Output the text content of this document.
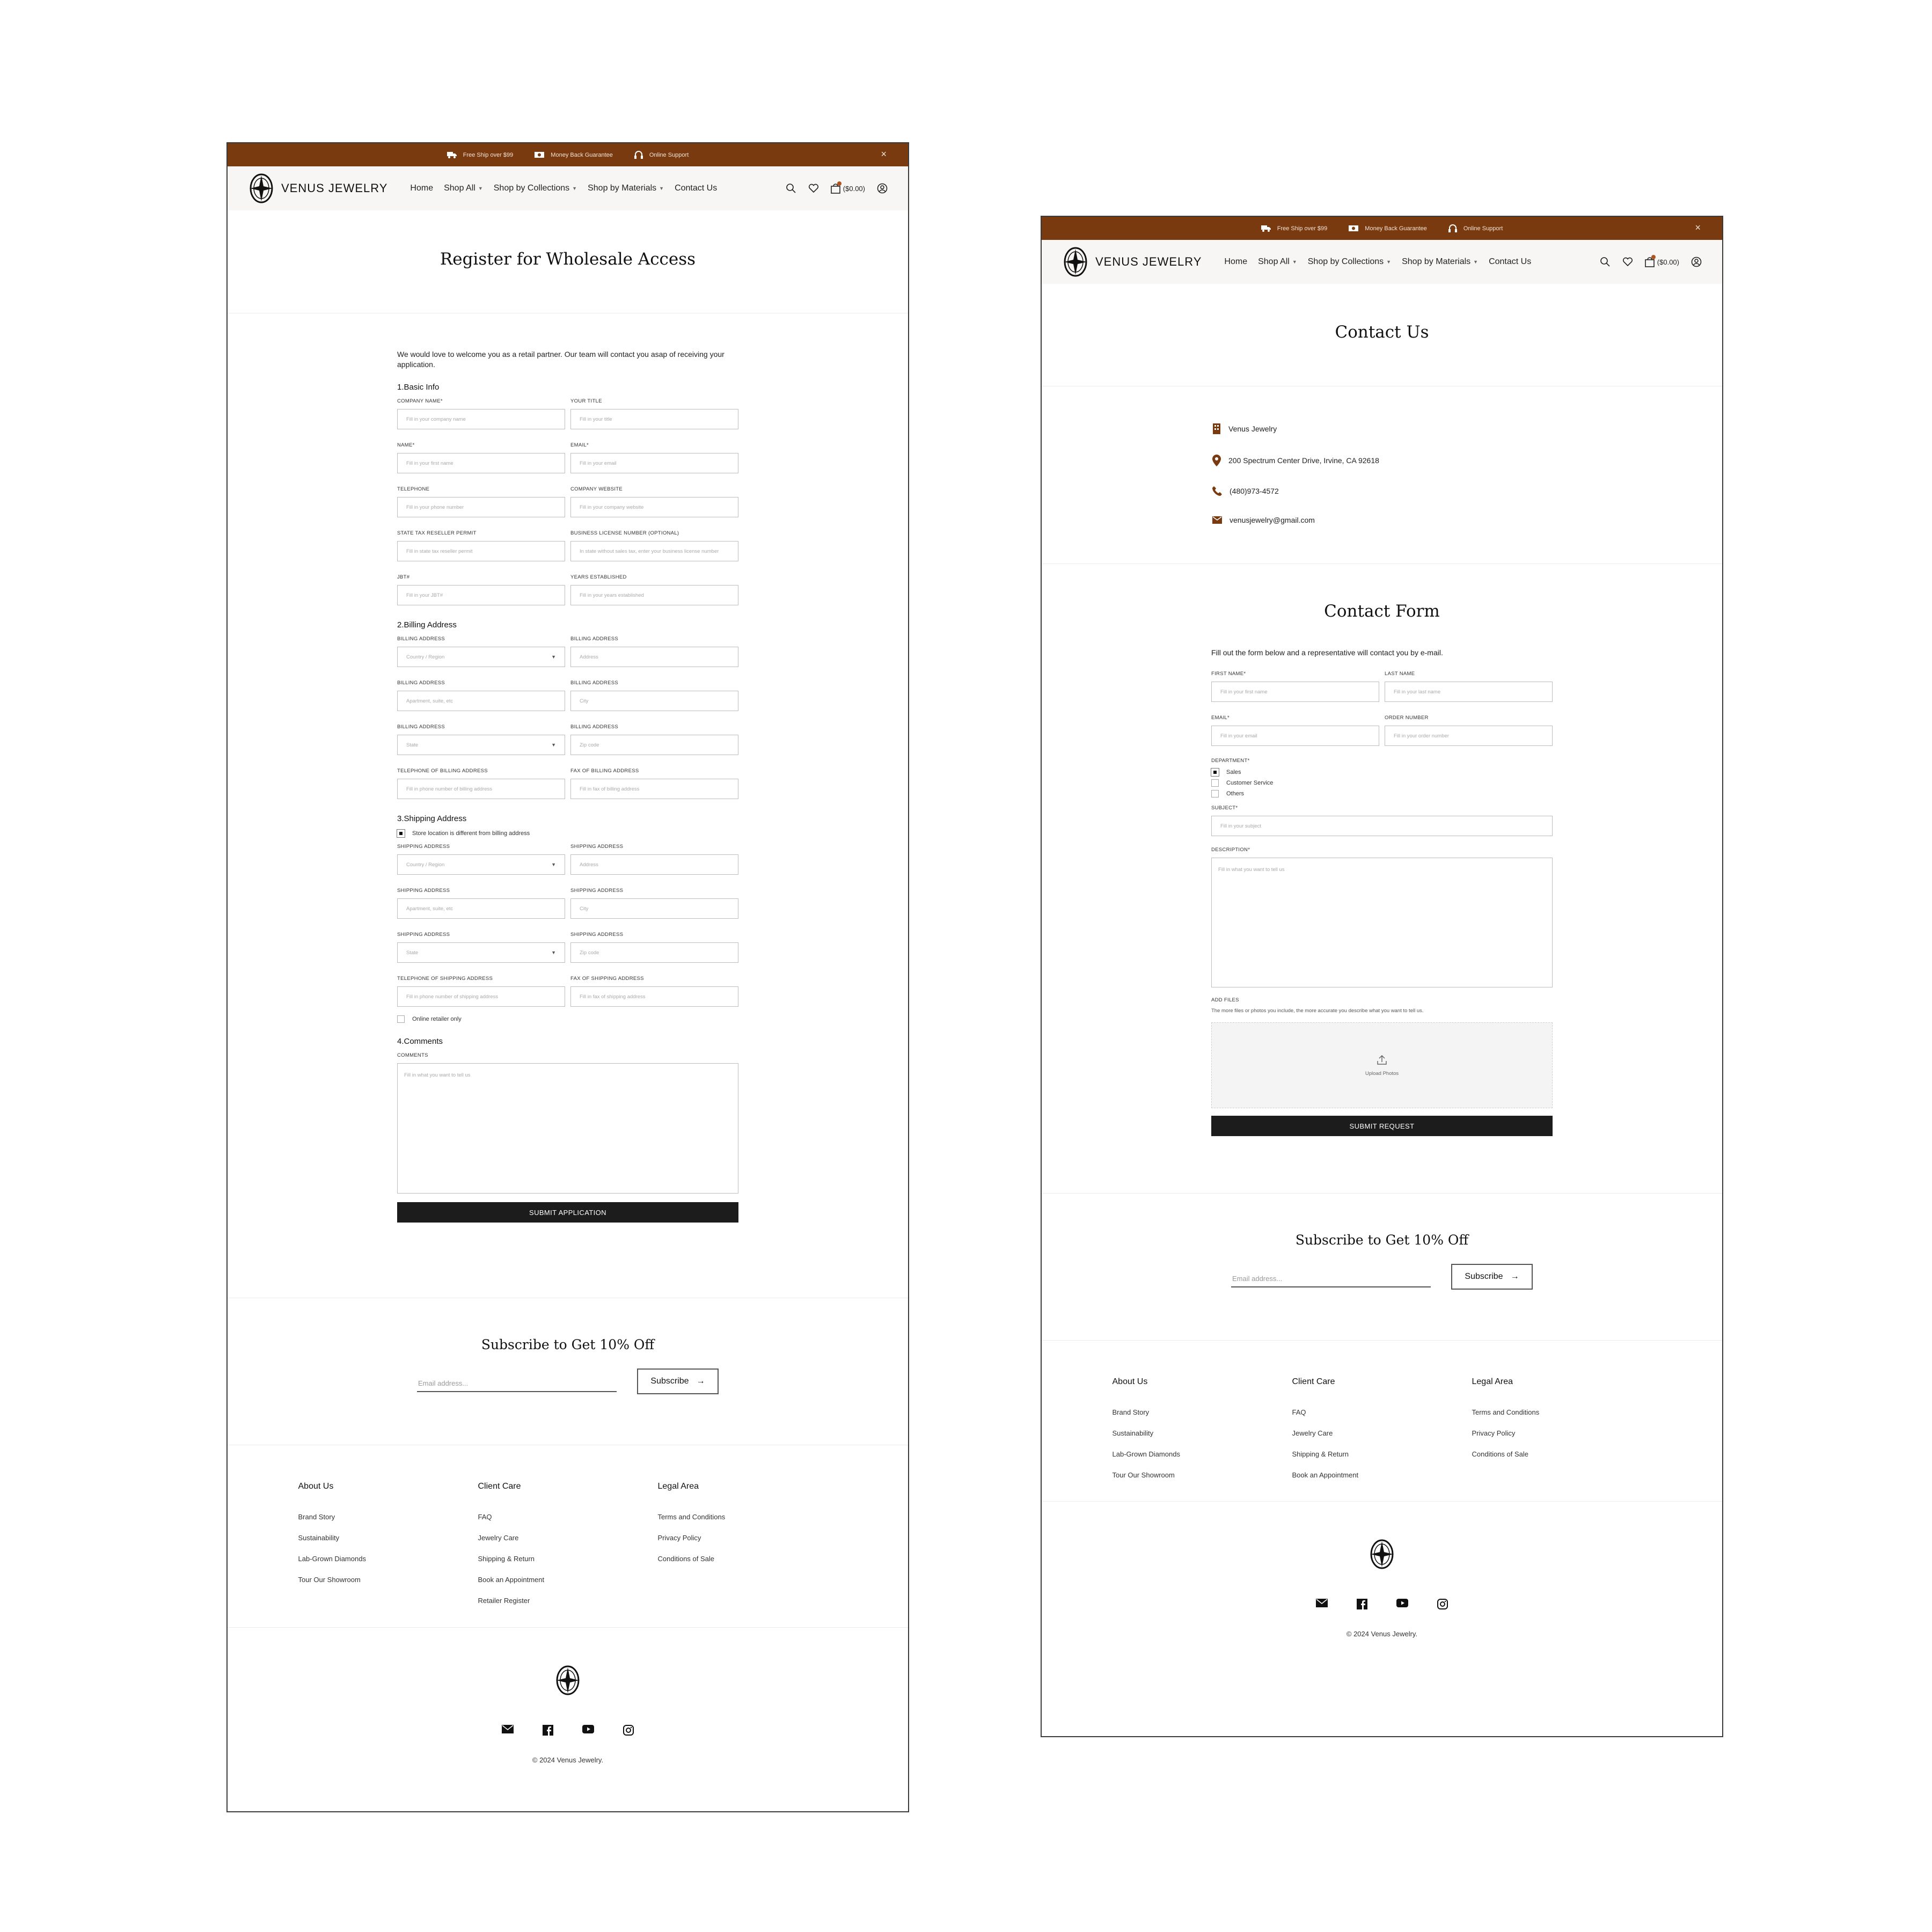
Free Ship over $99	Money Back Guarantee	Online Support	×
VENUS JEWELRY	Home Shop All ▼ Shop by Collections ▼ Shop by Materials ▼ Contact Us	($0.00)
Register for Wholesale Access

We would love to welcome you as a retail partner. Our team will contact you asap of receiving your application.

1.Basic Info
COMPANY NAME*
Fill in your company name
YOUR TITLE
Fill in your title
NAME*
Fill in your first name
EMAIL*
Fill in your email
TELEPHONE
Fill in your phone number
COMPANY WEBSITE
Fill in your company website
STATE TAX RESELLER PERMIT
Fill in state tax reseller permit
BUSINESS LICENSE NUMBER (OPTIONAL)
In state without sales tax, enter your business license number
JBT#
Fill in your JBT#
YEARS ESTABLISHED
Fill in your years established
2.Billing Address
BILLING ADDRESS
Country / Region	▼
BILLING ADDRESS
Address
BILLING ADDRESS
Apartment, suite, etc
BILLING ADDRESS
City
BILLING ADDRESS
State	▼
BILLING ADDRESS
Zip code
TELEPHONE OF BILLING ADDRESS
Fill in phone number of billing address
FAX OF BILLING ADDRESS
Fill in fax of billing address
3.Shipping Address
Store location is different from billing address
SHIPPING ADDRESS
Country / Region	▼
SHIPPING ADDRESS
Address
SHIPPING ADDRESS
Apartment, suite, etc
SHIPPING ADDRESS
City
SHIPPING ADDRESS
State	▼
SHIPPING ADDRESS
Zip code
TELEPHONE OF SHIPPING ADDRESS
Fill in phone number of shipping address
FAX OF SHIPPING ADDRESS
Fill in fax of shipping address
Online retailer only
4.Comments
COMMENTS
Fill in what you want to tell us
SUBMIT APPLICATION
Subscribe to Get 10% Off
Email address...	Subscribe →
About Us
Brand Story
Sustainability
Lab-Grown Diamonds
Tour Our Showroom
Client Care
FAQ
Jewelry Care
Shipping & Return
Book an Appointment
Retailer Register
Legal Area
Terms and Conditions
Privacy Policy
Conditions of Sale
© 2024 Venus Jewelry.
Free Ship over $99	Money Back Guarantee	Online Support	×
VENUS JEWELRY	Home Shop All ▼ Shop by Collections ▼ Shop by Materials ▼ Contact Us	($0.00)
Contact Us
Venus Jewelry
200 Spectrum Center Drive, Irvine, CA 92618
(480)973-4572
venusjewelry@gmail.com
Contact Form

Fill out the form below and a representative will contact you by e-mail.

FIRST NAME*
Fill in your first name
LAST NAME
Fill in your last name
EMAIL*
Fill in your email
ORDER NUMBER
Fill in your order number
DEPARTMENT*
Sales
Customer Service
Others
SUBJECT*
Fill in your subject
DESCRIPTION*
Fill in what you want to tell us
ADD FILES
The more files or photos you include, the more accurate you describe what you want to tell us.
Upload Photos
SUBMIT REQUEST
Subscribe to Get 10% Off
Email address...	Subscribe →
About Us
Brand Story
Sustainability
Lab-Grown Diamonds
Tour Our Showroom
Client Care
FAQ
Jewelry Care
Shipping & Return
Book an Appointment
Legal Area
Terms and Conditions
Privacy Policy
Conditions of Sale
© 2024 Venus Jewelry.
